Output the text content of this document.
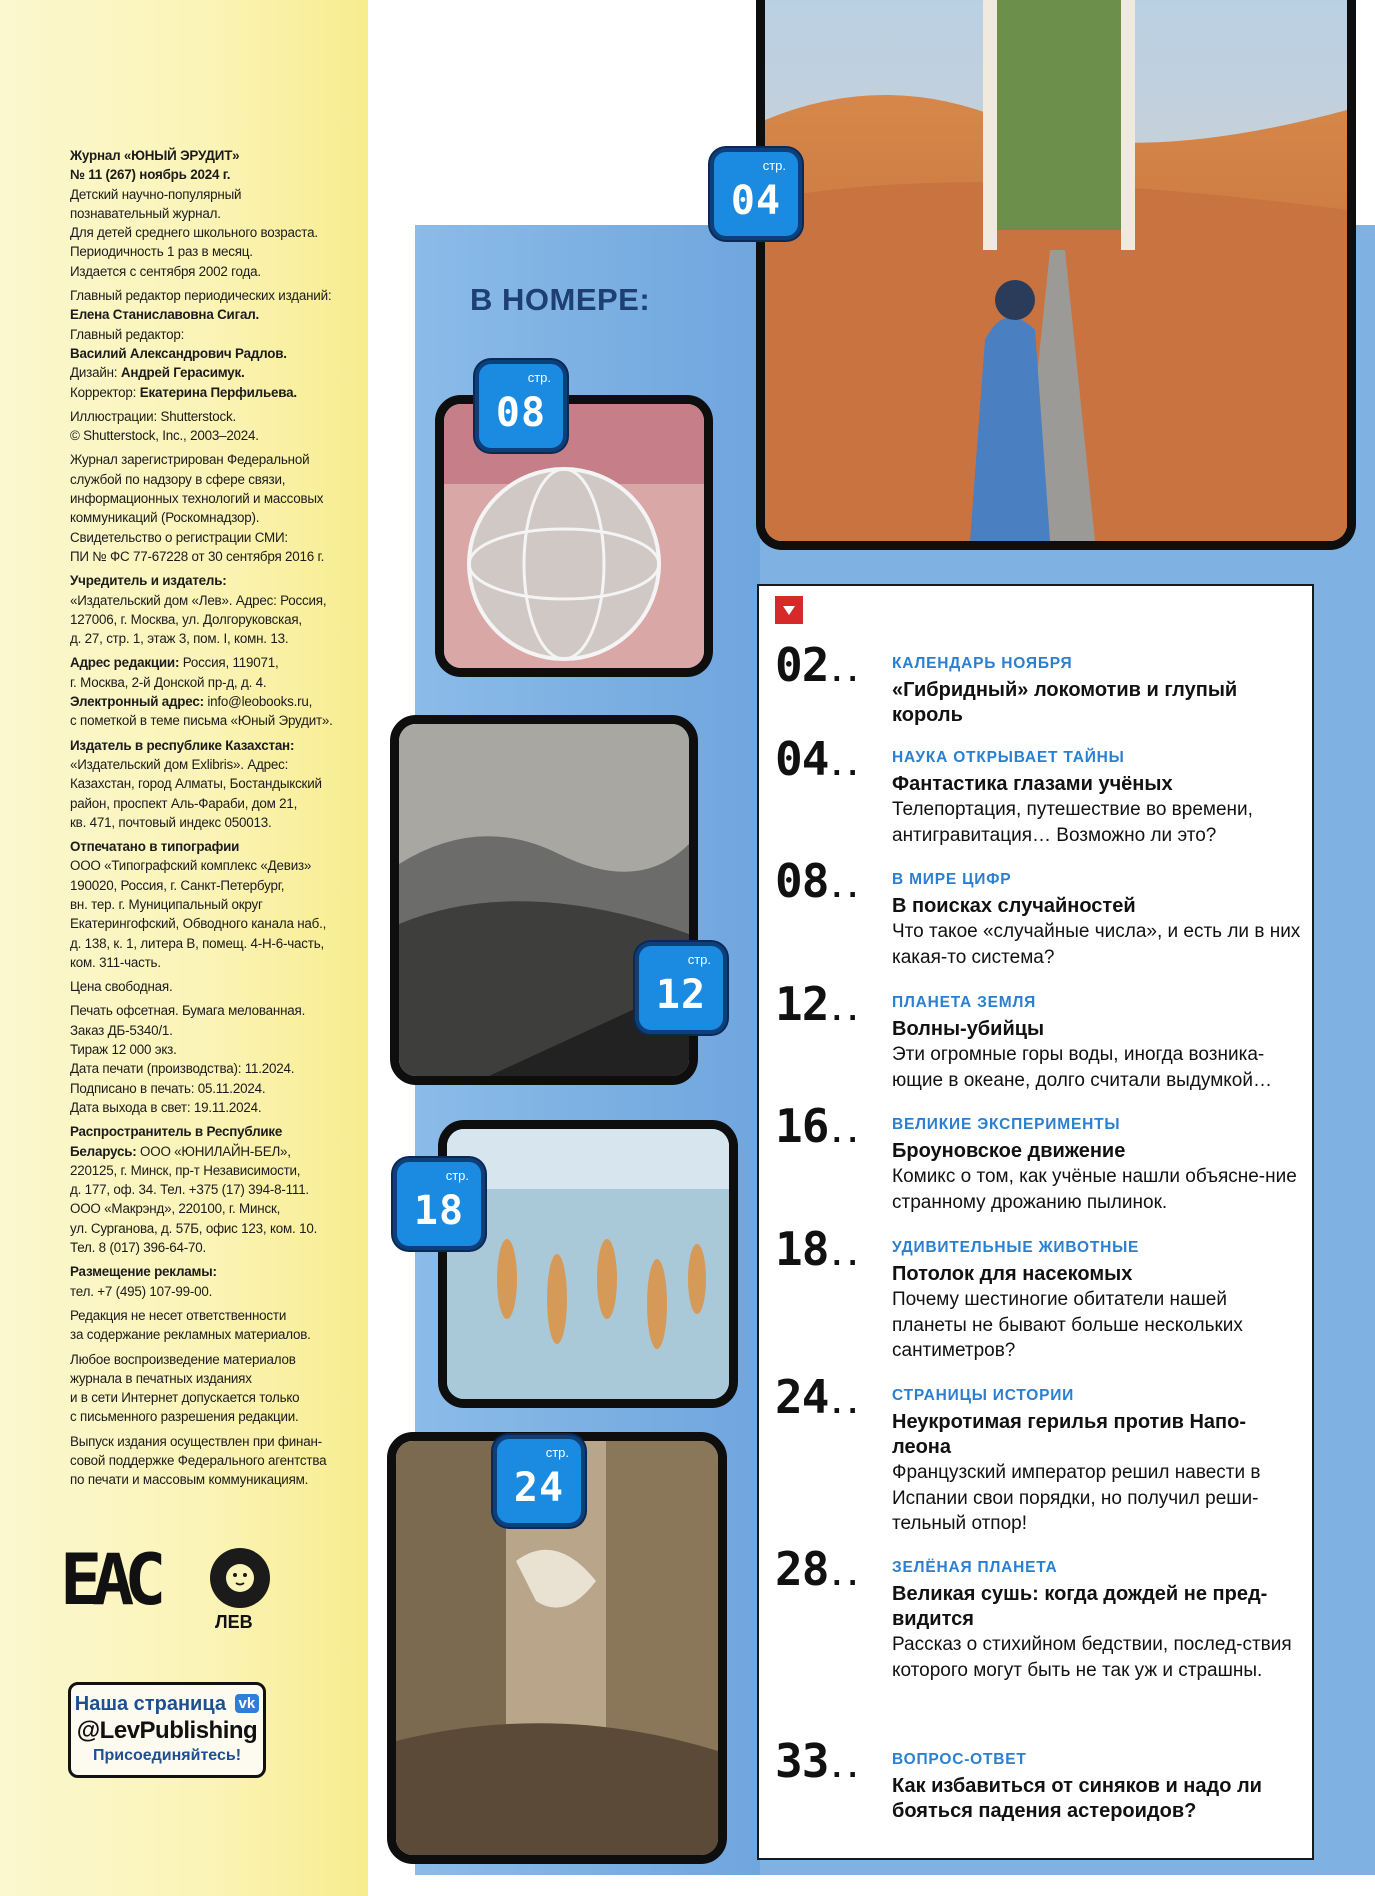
Журнал «ЮНЫЙ ЭРУДИТ»
№ 11 (267) ноябрь 2024 г.
Детский научно-популярный
познавательный журнал.
Для детей среднего школьного возраста.
Периодичность 1 раз в месяц.
Издается с сентября 2002 года.

Главный редактор периодических изданий:
Елена Станиславовна Сигал.
Главный редактор:
Василий Александрович Радлов.
Дизайн: Андрей Герасимук.
Корректор: Екатерина Перфильева.

Иллюстрации: Shutterstock.
© Shutterstock, Inc., 2003–2024.

Журнал зарегистрирован Федеральной
службой по надзору в сфере связи,
информационных технологий и массовых
коммуникаций (Роскомнадзор).
Свидетельство о регистрации СМИ:
ПИ № ФС 77-67228 от 30 сентября 2016 г.

Учредитель и издатель:
«Издательский дом «Лев». Адрес: Россия,
127006, г. Москва, ул. Долгоруковская,
д. 27, стр. 1, этаж 3, пом. I, комн. 13.

Адрес редакции: Россия, 119071,
г. Москва, 2-й Донской пр-д, д. 4.
Электронный адрес: info@leobooks.ru,
с пометкой в теме письма «Юный Эрудит».

Издатель в республике Казахстан:
«Издательский дом Exlibris». Адрес:
Казахстан, город Алматы, Бостандыкский
район, проспект Аль-Фараби, дом 21,
кв. 471, почтовый индекс 050013.

Отпечатано в типографии
ООО «Типографский комплекс «Девиз»
190020, Россия, г. Санкт-Петербург,
вн. тер. г. Муниципальный округ
Екатерингофский, Обводного канала наб.,
д. 138, к. 1, литера В, помещ. 4-Н-6-часть,
ком. 311-часть.

Цена свободная.

Печать офсетная. Бумага мелованная.
Заказ ДБ-5340/1.
Тираж 12 000 экз.
Дата печати (производства): 11.2024.
Подписано в печать: 05.11.2024.
Дата выхода в свет: 19.11.2024.

Распространитель в Республике
Беларусь: ООО «ЮНИЛАЙН-БЕЛ»,
220125, г. Минск, пр-т Независимости,
д. 177, оф. 34. Тел. +375 (17) 394-8-111.
ООО «Макрэнд», 220100, г. Минск,
ул. Сурганова, д. 57Б, офис 123, ком. 10.
Тел. 8 (017) 396-64-70.

Размещение рекламы:
тел. +7 (495) 107-99-00.

Редакция не несет ответственности
за содержание рекламных материалов.

Любое воспроизведение материалов
журнала в печатных изданиях
и в сети Интернет допускается только
с письменного разрешения редакции.

Выпуск издания осуществлен при финан-
совой поддержке Федерального агентства
по печати и массовым коммуникациям.

ЕАС
ЛЕВ
Наша страница vk
@LevPublishing
Присоединяйтесь!
В НОМЕРЕ:
стр.
04
стр.
08
стр.
12
стр.
18
стр.
24
02.. КАЛЕНДАРЬ НОЯБРЯ
«Гибридный» локомотив и глупый король
04.. НАУКА ОТКРЫВАЕТ ТАЙНЫ
Фантастика глазами учёных
Телепортация, путешествие во времени, антигравитация… Возможно ли это?
08.. В МИРЕ ЦИФР
В поисках случайностей
Что такое «случайные числа», и есть ли в них какая-то система?
12.. ПЛАНЕТА ЗЕМЛЯ
Волны-убийцы
Эти огромные горы воды, иногда возника-ющие в океане, долго считали выдумкой…
16.. ВЕЛИКИЕ ЭКСПЕРИМЕНТЫ
Броуновское движение
Комикс о том, как учёные нашли объясне-ние странному дрожанию пылинок.
18.. УДИВИТЕЛЬНЫЕ ЖИВОТНЫЕ
Потолок для насекомых
Почему шестиногие обитатели нашей планеты не бывают больше нескольких сантиметров?
24.. СТРАНИЦЫ ИСТОРИИ
Неукротимая герилья против Напо-леона
Французский император решил навести в Испании свои порядки, но получил реши-тельный отпор!
28.. ЗЕЛЁНАЯ ПЛАНЕТА
Великая сушь: когда дождей не пред-видится
Рассказ о стихийном бедствии, послед-ствия которого могут быть не так уж и страшны.
33.. ВОПРОС-ОТВЕТ
Как избавиться от синяков и надо ли бояться падения астероидов?
